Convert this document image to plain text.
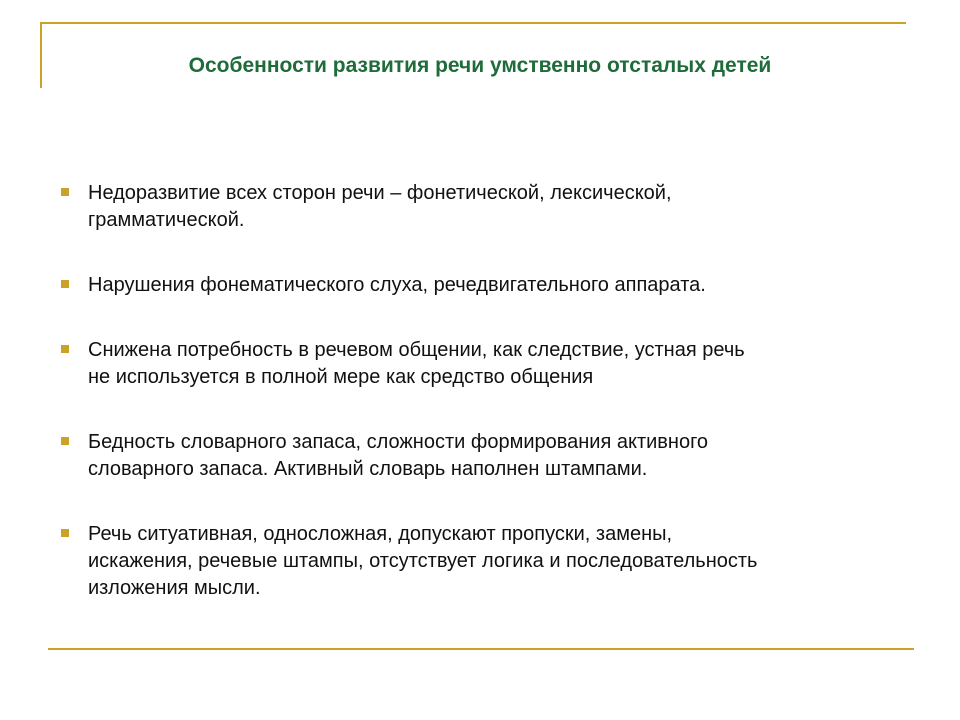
Особенности развития речи умственно отсталых детей
Недоразвитие всех сторон речи – фонетической, лексической,
грамматической.
Нарушения фонематического слуха, речедвигательного аппарата.
Снижена потребность в речевом общении, как следствие, устная речь
не используется в полной мере как средство общения
Бедность словарного запаса, сложности формирования активного
словарного запаса. Активный словарь наполнен штампами.
Речь ситуативная, односложная, допускают пропуски, замены,
искажения, речевые штампы, отсутствует логика и последовательность
изложения мысли.
